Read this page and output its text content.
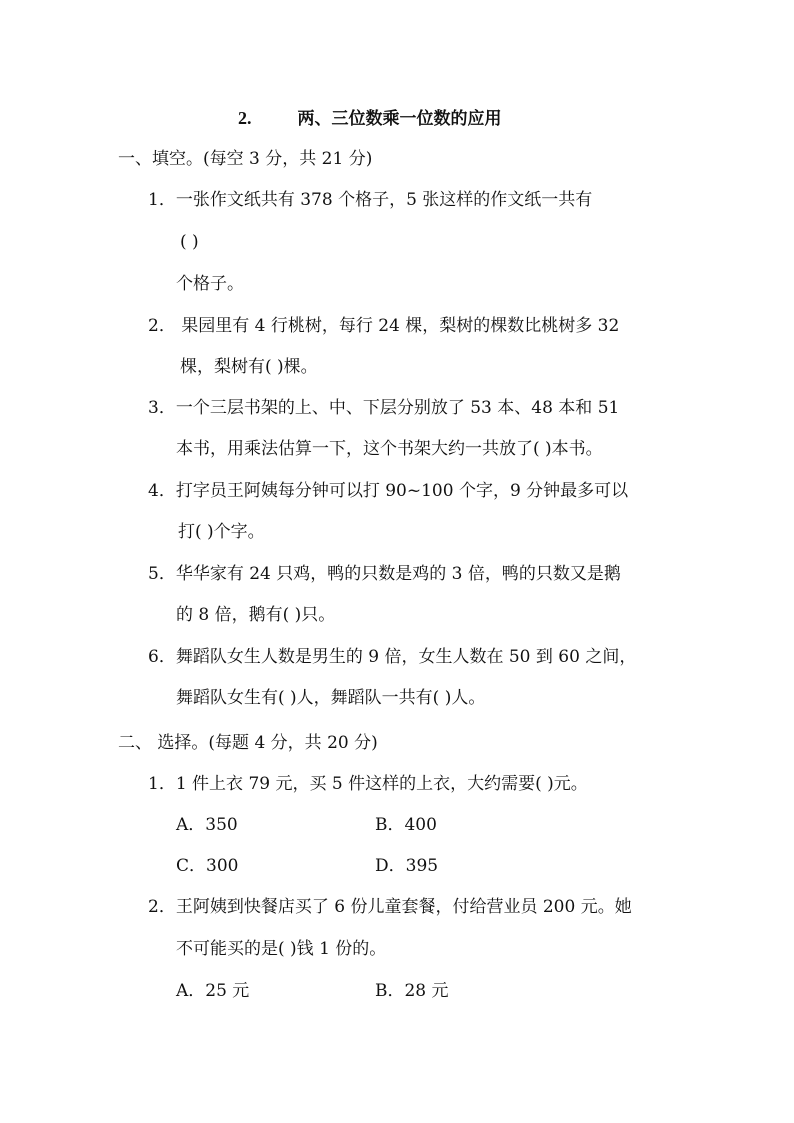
2.	两、三位数乘一位数的应用
一、填空。(每空 3 分，共 21 分)
1．一张作文纸共有 378 个格子，5 张这样的作文纸一共有
( )
个格子。
2． 果园里有 4 行桃树，每行 24 棵，梨树的棵数比桃树多 32
棵，梨树有( )棵。
3．一个三层书架的上、中、下层分别放了 53 本、48 本和 51
本书，用乘法估算一下，这个书架大约一共放了( )本书。
4．打字员王阿姨每分钟可以打 90~100 个字，9 分钟最多可以
打( )个字。
5．华华家有 24 只鸡，鸭的只数是鸡的 3 倍，鸭的只数又是鹅
的 8 倍，鹅有( )只。
6．舞蹈队女生人数是男生的 9 倍，女生人数在 50 到 60 之间，
舞蹈队女生有( )人，舞蹈队一共有( )人。
二、 选择。(每题 4 分，共 20 分)
1．1 件上衣 79 元，买 5 件这样的上衣，大约需要( )元。
A．350	B．400
C．300	D．395
2．王阿姨到快餐店买了 6 份儿童套餐，付给营业员 200 元。她
不可能买的是( )钱 1 份的。
A．25 元	B．28 元
